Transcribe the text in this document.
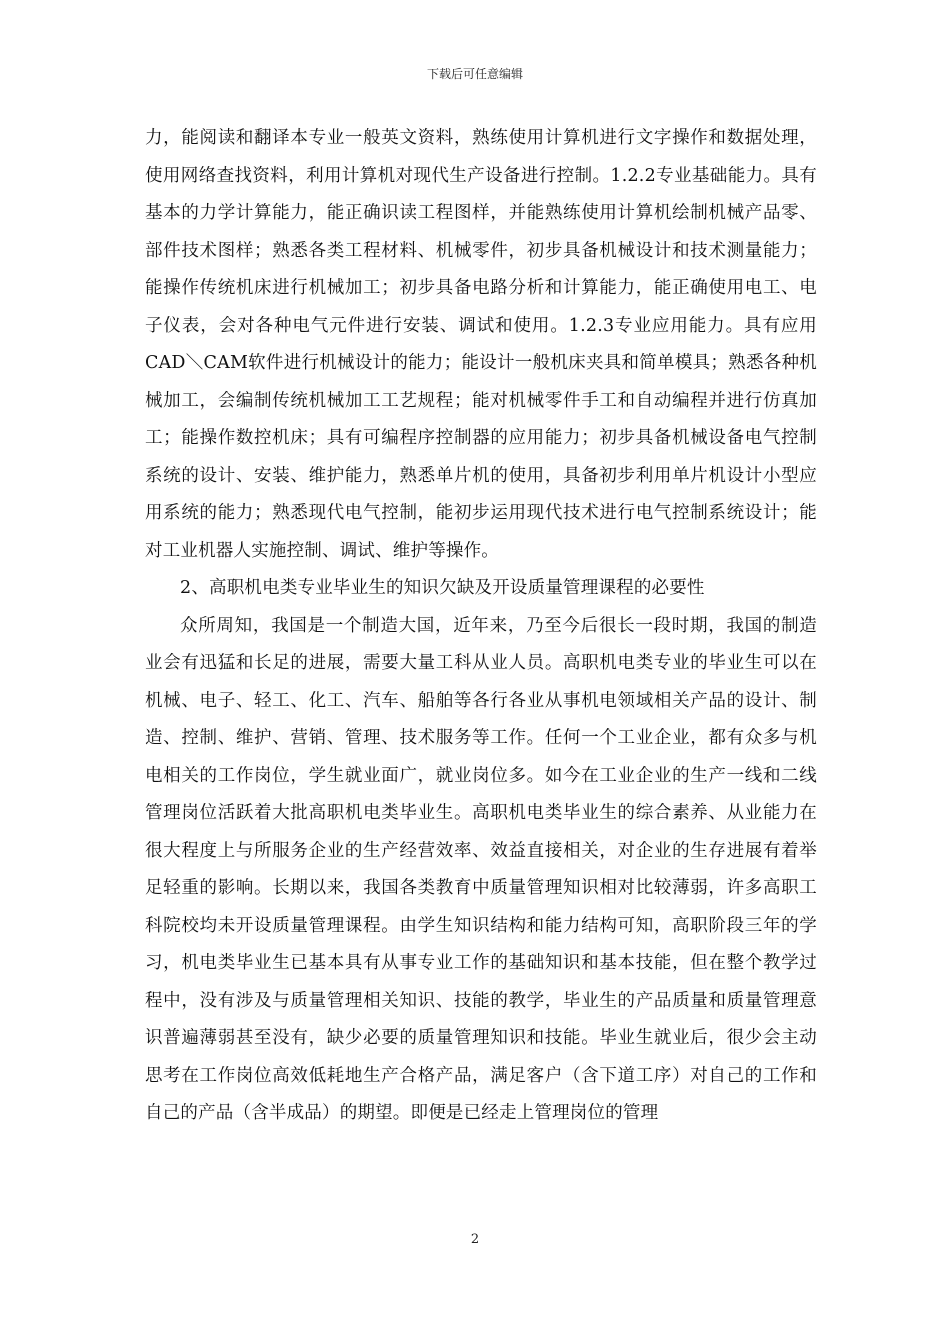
下载后可任意编辑

力，能阅读和翻译本专业一般英文资料，熟练使用计算机进行文字操作和数据处理，使用网络查找资料，利用计算机对现代生产设备进行控制。1.2.2专业基础能力。具有基本的力学计算能力，能正确识读工程图样，并能熟练使用计算机绘制机械产品零、部件技术图样；熟悉各类工程材料、机械零件，初步具备机械设计和技术测量能力；能操作传统机床进行机械加工；初步具备电路分析和计算能力，能正确使用电工、电子仪表，会对各种电气元件进行安装、调试和使用。1.2.3专业应用能力。具有应用CAD＼CAM软件进行机械设计的能力；能设计一般机床夹具和简单模具；熟悉各种机械加工，会编制传统机械加工工艺规程；能对机械零件手工和自动编程并进行仿真加工；能操作数控机床；具有可编程序控制器的应用能力；初步具备机械设备电气控制系统的设计、安装、维护能力，熟悉单片机的使用，具备初步利用单片机设计小型应用系统的能力；熟悉现代电气控制，能初步运用现代技术进行电气控制系统设计；能对工业机器人实施控制、调试、维护等操作。

2、高职机电类专业毕业生的知识欠缺及开设质量管理课程的必要性

众所周知，我国是一个制造大国，近年来，乃至今后很长一段时期，我国的制造业会有迅猛和长足的进展，需要大量工科从业人员。高职机电类专业的毕业生可以在机械、电子、轻工、化工、汽车、船舶等各行各业从事机电领域相关产品的设计、制造、控制、维护、营销、管理、技术服务等工作。任何一个工业企业，都有众多与机电相关的工作岗位，学生就业面广，就业岗位多。如今在工业企业的生产一线和二线管理岗位活跃着大批高职机电类毕业生。高职机电类毕业生的综合素养、从业能力在很大程度上与所服务企业的生产经营效率、效益直接相关，对企业的生存进展有着举足轻重的影响。长期以来，我国各类教育中质量管理知识相对比较薄弱，许多高职工科院校均未开设质量管理课程。由学生知识结构和能力结构可知，高职阶段三年的学习，机电类毕业生已基本具有从事专业工作的基础知识和基本技能，但在整个教学过程中，没有涉及与质量管理相关知识、技能的教学，毕业生的产品质量和质量管理意识普遍薄弱甚至没有，缺少必要的质量管理知识和技能。毕业生就业后，很少会主动思考在工作岗位高效低耗地生产合格产品，满足客户（含下道工序）对自己的工作和自己的产品（含半成品）的期望。即便是已经走上管理岗位的管理

2
